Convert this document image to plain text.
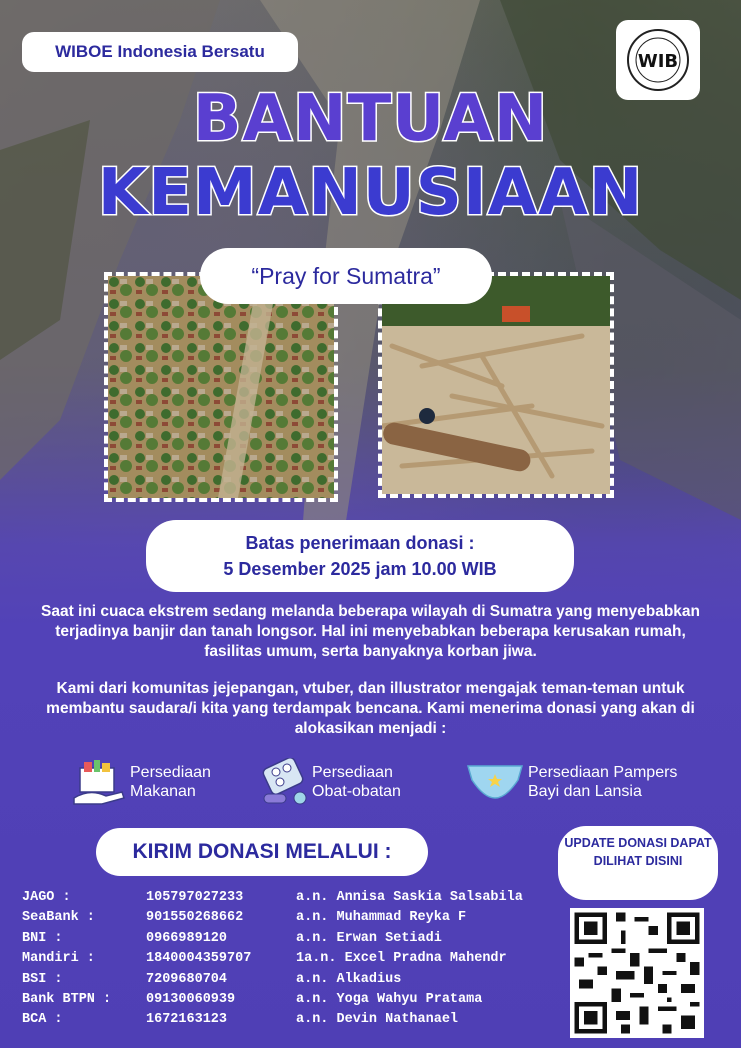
WIBOE Indonesia Bersatu	WIB
BANTUAN
KEMANUSIAAN
“Pray for Sumatra”
Batas penerimaan donasi :
5 Desember 2025 jam 10.00 WIB
Saat ini cuaca ekstrem sedang melanda beberapa wilayah di Sumatra yang menyebabkan terjadinya banjir dan tanah longsor. Hal ini menyebabkan beberapa kerusakan rumah, fasilitas umum, serta banyaknya korban jiwa.
Kami dari komunitas jejepangan, vtuber, dan illustrator mengajak teman-teman untuk membantu saudara/i kita yang terdampak bencana. Kami menerima donasi yang akan di alokasikan menjadi :
Persediaan
Makanan
Persediaan
Obat-obatan
Persediaan Pampers
Bayi dan Lansia
KIRIM DONASI MELALUI :	UPDATE DONASI DAPAT DILIHAT DISINI
JAGO :	105797027233	a.n. Annisa Saskia Salsabila
SeaBank :	901550268662	a.n. Muhammad Reyka F
BNI :	0966989120	a.n. Erwan Setiadi
Mandiri :	1840004359707	1a.n. Excel Pradna Mahendr
BSI :	7209680704	a.n. Alkadius
Bank BTPN :	09130060939	a.n. Yoga Wahyu Pratama
BCA :	1672163123	a.n. Devin Nathanael
